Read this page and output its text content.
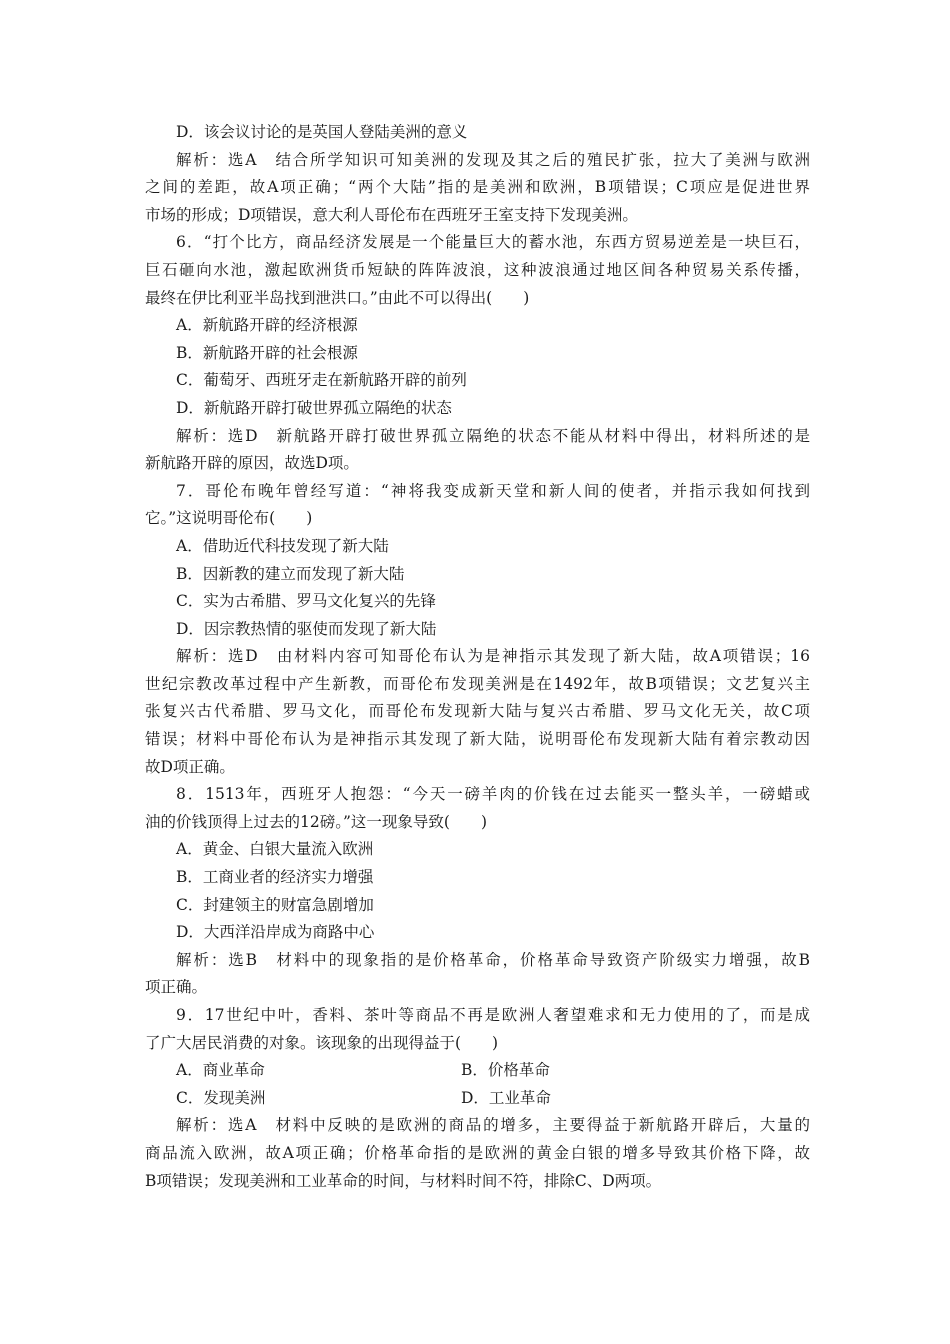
D．该会议讨论的是英国人登陆美洲的意义
解析：选A　结合所学知识可知美洲的发现及其之后的殖民扩张，拉大了美洲与欧洲
之间的差距，故A项正确；“两个大陆”指的是美洲和欧洲，B项错误；C项应是促进世界
市场的形成；D项错误，意大利人哥伦布在西班牙王室支持下发现美洲。
6．“打个比方，商品经济发展是一个能量巨大的蓄水池，东西方贸易逆差是一块巨石，
巨石砸向水池，激起欧洲货币短缺的阵阵波浪，这种波浪通过地区间各种贸易关系传播，
最终在伊比利亚半岛找到泄洪口。”由此不可以得出(　　)
A．新航路开辟的经济根源
B．新航路开辟的社会根源
C．葡萄牙、西班牙走在新航路开辟的前列
D．新航路开辟打破世界孤立隔绝的状态
解析：选D　新航路开辟打破世界孤立隔绝的状态不能从材料中得出，材料所述的是
新航路开辟的原因，故选D项。
7．哥伦布晚年曾经写道：“神将我变成新天堂和新人间的使者，并指示我如何找到
它。”这说明哥伦布(　　)
A．借助近代科技发现了新大陆
B．因新教的建立而发现了新大陆
C．实为古希腊、罗马文化复兴的先锋
D．因宗教热情的驱使而发现了新大陆
解析：选D　由材料内容可知哥伦布认为是神指示其发现了新大陆，故A项错误；16
世纪宗教改革过程中产生新教，而哥伦布发现美洲是在1492年，故B项错误；文艺复兴主
张复兴古代希腊、罗马文化，而哥伦布发现新大陆与复兴古希腊、罗马文化无关，故C项
错误；材料中哥伦布认为是神指示其发现了新大陆，说明哥伦布发现新大陆有着宗教动因
故D项正确。
8．1513年，西班牙人抱怨：“今天一磅羊肉的价钱在过去能买一整头羊，一磅蜡或
油的价钱顶得上过去的12磅。”这一现象导致(　　)
A．黄金、白银大量流入欧洲
B．工商业者的经济实力增强
C．封建领主的财富急剧增加
D．大西洋沿岸成为商路中心
解析：选B　材料中的现象指的是价格革命，价格革命导致资产阶级实力增强，故B
项正确。
9．17世纪中叶，香料、茶叶等商品不再是欧洲人奢望难求和无力使用的了，而是成
了广大居民消费的对象。该现象的出现得益于(　　)
A．商业革命	B．价格革命
C．发现美洲	D．工业革命
解析：选A　材料中反映的是欧洲的商品的增多，主要得益于新航路开辟后，大量的
商品流入欧洲，故A项正确；价格革命指的是欧洲的黄金白银的增多导致其价格下降，故
B项错误；发现美洲和工业革命的时间，与材料时间不符，排除C、D两项。
